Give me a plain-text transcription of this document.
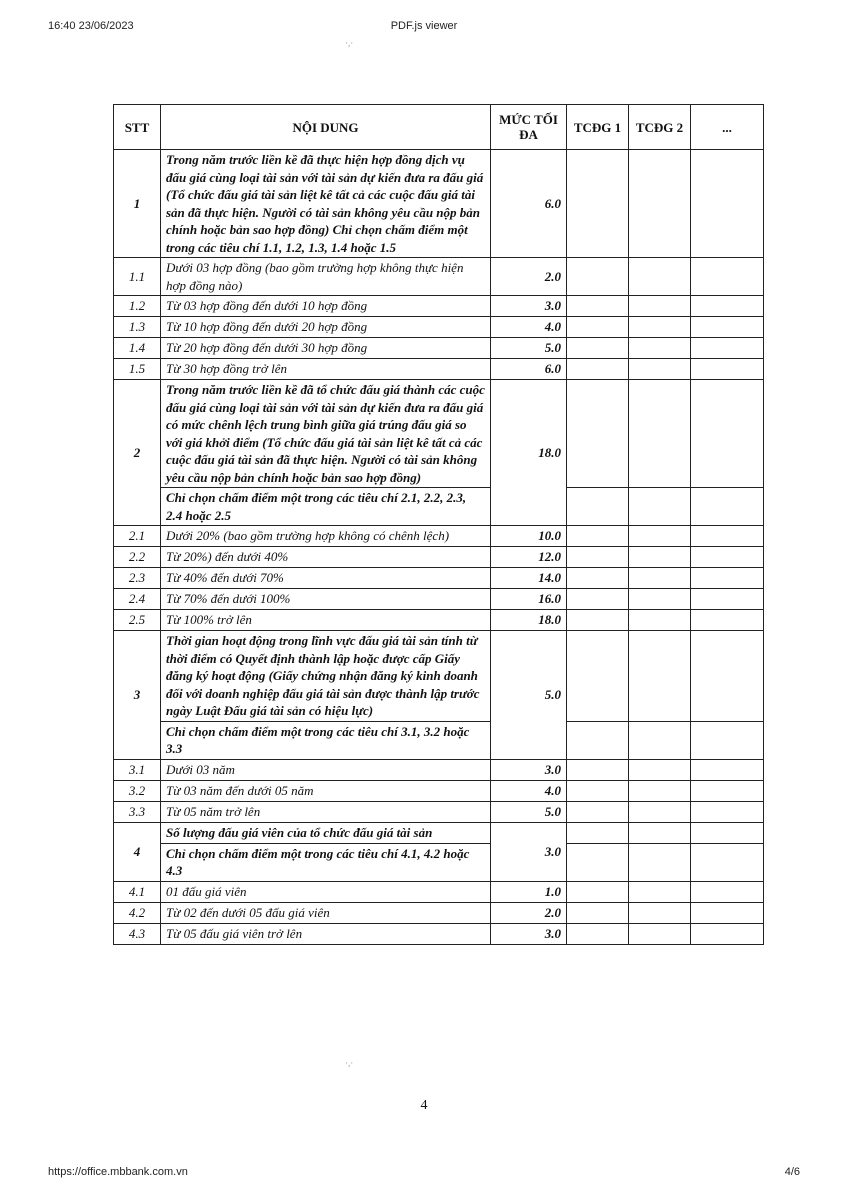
16:40 23/06/2023	PDF.js viewer
·,·
·,·
STT	NỘI DUNG	MỨC TỐI ĐA	TCĐG 1	TCĐG 2	...
1	Trong năm trước liền kề đã thực hiện hợp đồng dịch vụ đấu giá cùng loại tài sản với tài sản dự kiến đưa ra đấu giá (Tổ chức đấu giá tài sản liệt kê tất cả các cuộc đấu giá tài sản đã thực hiện. Người có tài sản không yêu cầu nộp bản chính hoặc bản sao hợp đồng) Chỉ chọn chấm điểm một trong các tiêu chí 1.1, 1.2, 1.3, 1.4 hoặc 1.5	6.0			
1.1	Dưới 03 hợp đồng (bao gồm trường hợp không thực hiện hợp đồng nào)	2.0			
1.2	Từ 03 hợp đồng đến dưới 10 hợp đồng	3.0			
1.3	Từ 10 hợp đồng đến dưới 20 hợp đồng	4.0			
1.4	Từ 20 hợp đồng đến dưới 30 hợp đồng	5.0			
1.5	Từ 30 hợp đồng trở lên	6.0			
2	Trong năm trước liền kề đã tổ chức đấu giá thành các cuộc đấu giá cùng loại tài sản với tài sản dự kiến đưa ra đấu giá có mức chênh lệch trung bình giữa giá trúng đấu giá so với giá khởi điểm (Tổ chức đấu giá tài sản liệt kê tất cả các cuộc đấu giá tài sản đã thực hiện. Người có tài sản không yêu cầu nộp bản chính hoặc bản sao hợp đồng)	18.0			
	Chỉ chọn chấm điểm một trong các tiêu chí 2.1, 2.2, 2.3, 2.4 hoặc 2.5				
2.1	Dưới 20% (bao gồm trường hợp không có chênh lệch)	10.0			
2.2	Từ 20%) đến dưới 40%	12.0			
2.3	Từ 40% đến dưới 70%	14.0			
2.4	Từ 70% đến dưới 100%	16.0			
2.5	Từ 100% trở lên	18.0			
3	Thời gian hoạt động trong lĩnh vực đấu giá tài sản tính từ thời điểm có Quyết định thành lập hoặc được cấp Giấy đăng ký hoạt động (Giấy chứng nhận đăng ký kinh doanh đối với doanh nghiệp đấu giá tài sản được thành lập trước ngày Luật Đấu giá tài sản có hiệu lực)	5.0			
	Chỉ chọn chấm điểm một trong các tiêu chí 3.1, 3.2 hoặc 3.3				
3.1	Dưới 03 năm	3.0			
3.2	Từ 03 năm đến dưới 05 năm	4.0			
3.3	Từ 05 năm trở lên	5.0			
4	Số lượng đấu giá viên của tổ chức đấu giá tài sản	3.0			
	Chỉ chọn chấm điểm một trong các tiêu chí 4.1, 4.2 hoặc 4.3				
4.1	01 đấu giá viên	1.0			
4.2	Từ 02 đến dưới 05 đấu giá viên	2.0			
4.3	Từ 05 đấu giá viên trở lên	3.0			
4
https://office.mbbank.com.vn	4/6
